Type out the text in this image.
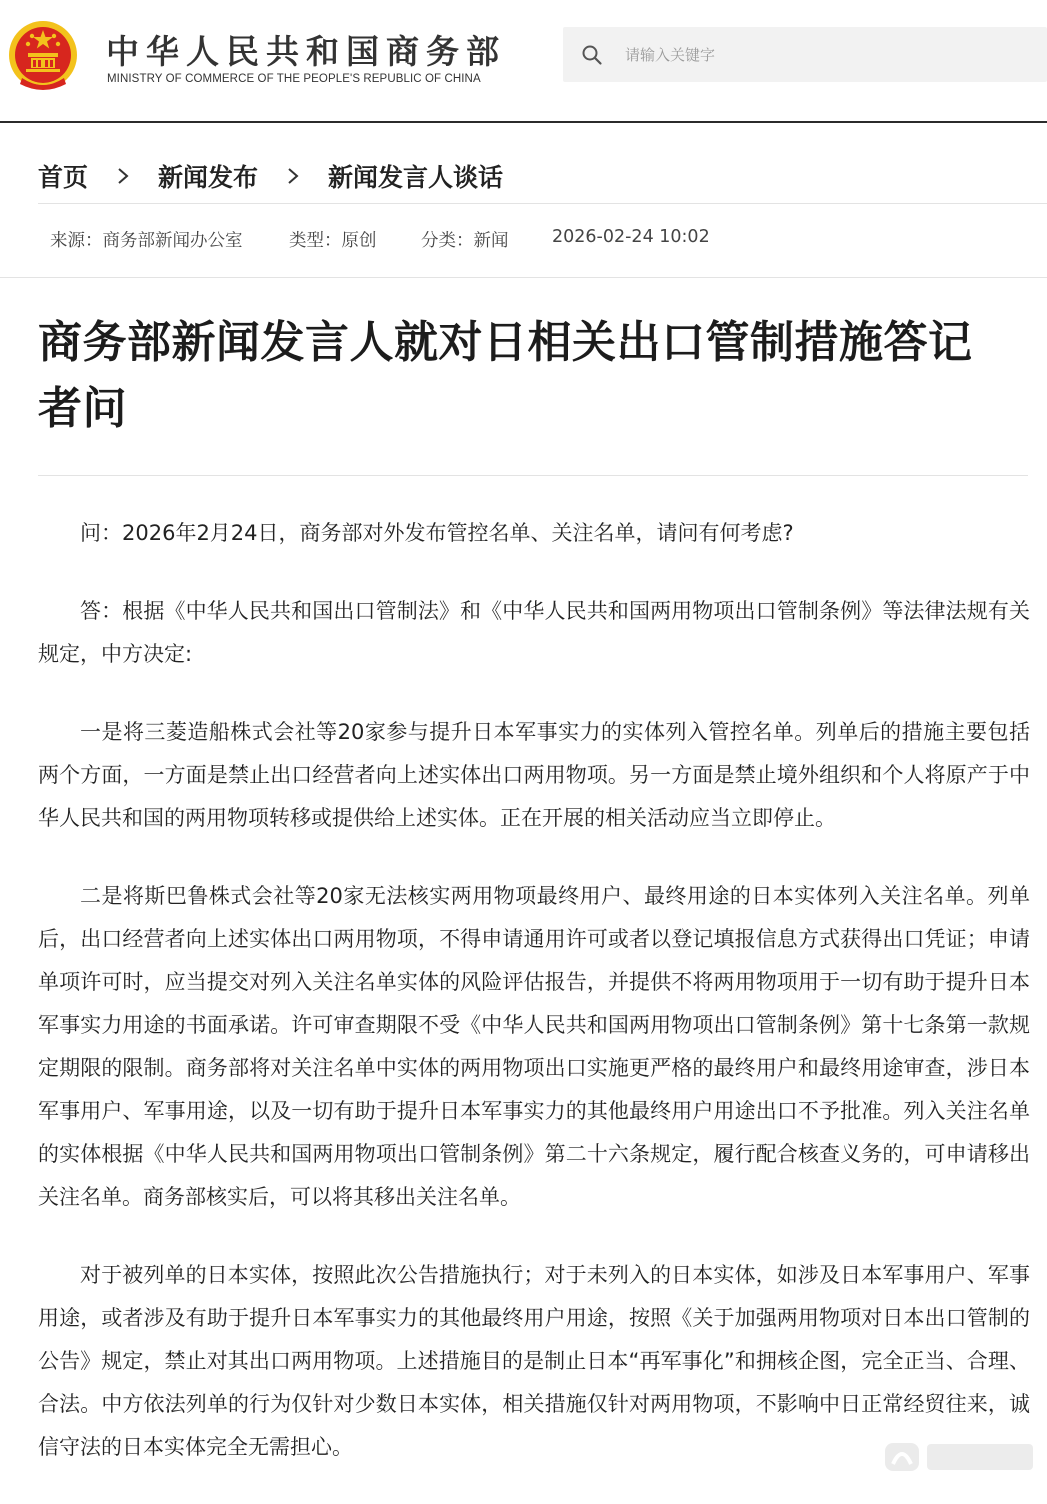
中华人民共和国商务部
MINISTRY OF COMMERCE OF THE PEOPLE'S REPUBLIC OF CHINA
请输入关键字
首页	新闻发布	新闻发言人谈话
来源：商务部新闻办公室	类型：原创	分类：新闻	2026-02-24 10:02
商务部新闻发言人就对日相关出口管制措施答记者问

问：2026年2月24日，商务部对外发布管控名单、关注名单，请问有何考虑?

答：根据《中华人民共和国出口管制法》和《中华人民共和国两用物项出口管制条例》等法律法规有关规定，中方决定:

一是将三菱造船株式会社等20家参与提升日本军事实力的实体列入管控名单。列单后的措施主要包括两个方面，一方面是禁止出口经营者向上述实体出口两用物项。另一方面是禁止境外组织和个人将原产于中华人民共和国的两用物项转移或提供给上述实体。正在开展的相关活动应当立即停止。

二是将斯巴鲁株式会社等20家无法核实两用物项最终用户、最终用途的日本实体列入关注名单。列单后，出口经营者向上述实体出口两用物项，不得申请通用许可或者以登记填报信息方式获得出口凭证；申请单项许可时，应当提交对列入关注名单实体的风险评估报告，并提供不将两用物项用于一切有助于提升日本军事实力用途的书面承诺。许可审查期限不受《中华人民共和国两用物项出口管制条例》第十七条第一款规定期限的限制。商务部将对关注名单中实体的两用物项出口实施更严格的最终用户和最终用途审查，涉日本军事用户、军事用途，以及一切有助于提升日本军事实力的其他最终用户用途出口不予批准。列入关注名单的实体根据《中华人民共和国两用物项出口管制条例》第二十六条规定，履行配合核查义务的，可申请移出关注名单。商务部核实后，可以将其移出关注名单。

对于被列单的日本实体，按照此次公告措施执行；对于未列入的日本实体，如涉及日本军事用户、军事用途，或者涉及有助于提升日本军事实力的其他最终用户用途，按照《关于加强两用物项对日本出口管制的公告》规定，禁止对其出口两用物项。上述措施目的是制止日本“再军事化”和拥核企图，完全正当、合理、合法。中方依法列单的行为仅针对少数日本实体，相关措施仅针对两用物项，不影响中日正常经贸往来，诚信守法的日本实体完全无需担心。
